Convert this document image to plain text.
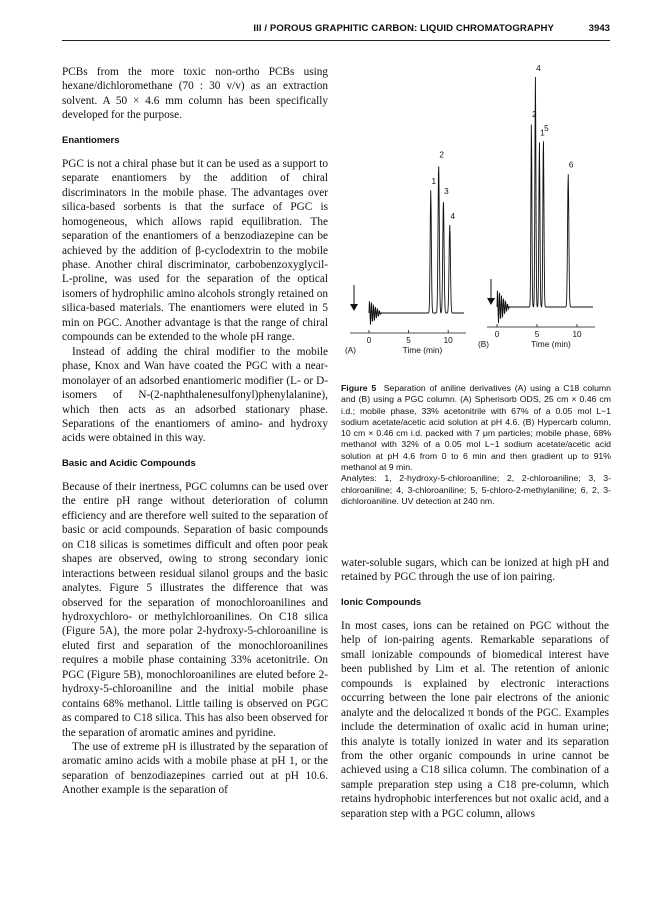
III / POROUS GRAPHITIC CARBON: LIQUID CHROMATOGRAPHY	3943

PCBs from the more toxic non-ortho PCBs using hexane/dichloromethane (70 : 30 v/v) as an extraction solvent. A 50 × 4.6 mm column has been specifically developed for the purpose.

Enantiomers

PGC is not a chiral phase but it can be used as a support to separate enantiomers by the addition of chiral discriminators in the mobile phase. The advantages over silica-based sorbents is that the surface of PGC is homogeneous, which allows rapid equilibration. The separation of the enantiomers of a benzodiazepine can be achieved by the addition of β-cyclodextrin to the mobile phase. Another chiral discriminator, carbobenzoxyglycil-L-proline, was used for the separation of the optical isomers of hydrophilic amino alcohols strongly retained on silica-based materials. The enantiomers were eluted in 5 min on PGC. Another advantage is that the range of chiral compounds can be extended to the whole pH range.

Instead of adding the chiral modifier to the mobile phase, Knox and Wan have coated the PGC with a near-monolayer of an adsorbed enantiomeric modifier (L- or D-isomers of N-(2-naphthalenesulfonyl)phenylalanine), which then acts as an adsorbed stationary phase. Separations of the enantiomers of amino- and hydroxy acids were obtained in this way.

Basic and Acidic Compounds

Because of their inertness, PGC columns can be used over the entire pH range without deterioration of column efficiency and are therefore well suited to the separation of basic or acid compounds. Separation of basic compounds on C18 silicas is sometimes difficult and often poor peak shapes are observed, owing to strong secondary ionic interactions between residual silanol groups and the basic analytes. Figure 5 illustrates the difference that was observed for the separation of monochloroanilines and hydroxychloro- or methylchloroanilines. On C18 silica (Figure 5A), the more polar 2-hydroxy-5-chloroaniline is eluted first and separation of the monochloroanilines requires a mobile phase containing 33% acetonitrile. On PGC (Figure 5B), monochloroanilines are eluted before 2-hydroxy-5-chloroaniline and the initial mobile phase contains 68% methanol. Little tailing is observed on PGC as compared to C18 silica. This has also been observed for the separation of aromatic amines and pyridine.

The use of extreme pH is illustrated by the separation of aromatic amino acids with a mobile phase at pH 1, or the separation of benzodiazepines carried out at pH 10.6. Another example is the separation of

0	5	10
(A)	Time (min)
1
2
3
4
0	5	10
(B)	Time (min)
2
4
1
5
6

Figure 5 Separation of aniline derivatives (A) using a C18 column and (B) using a PGC column. (A) Spherisorb ODS, 25 cm × 0.46 cm i.d.; mobile phase, 33% acetonitrile with 67% of a 0.05 mol L−1 sodium acetate/acetic acid solution at pH 4.6. (B) Hypercarb column, 10 cm × 0.46 cm i.d. packed with 7 μm particles; mobile phase, 68% methanol with 32% of a 0.05 mol L−1 sodium acetate/acetic acid solution at pH 4.6 from 0 to 6 min and then gradient up to 91% methanol at 9 min.

Analytes: 1, 2-hydroxy-5-chloroaniline; 2, 2-chloroaniline; 3, 3-chloroaniline; 4, 3-chloroaniline; 5, 5-chloro-2-methylaniline; 6, 2, 3-dichloroaniline. UV detection at 240 nm.

water-soluble sugars, which can be ionized at high pH and retained by PGC through the use of ion pairing.

Ionic Compounds

In most cases, ions can be retained on PGC without the help of ion-pairing agents. Remarkable separations of small ionizable compounds of biomedical interest have been published by Lim et al. The retention of anionic compounds is explained by electronic interactions occurring between the lone pair electrons of the anionic analyte and the delocalized π bonds of the PGC. Examples include the determination of oxalic acid in human urine; this analyte is totally ionized in water and its separation from the other organic compounds in urine cannot be achieved using a C18 silica column. The combination of a sample preparation step using a C18 pre-column, which retains hydrophobic interferences but not oxalic acid, and a separation step with a PGC column, allows
